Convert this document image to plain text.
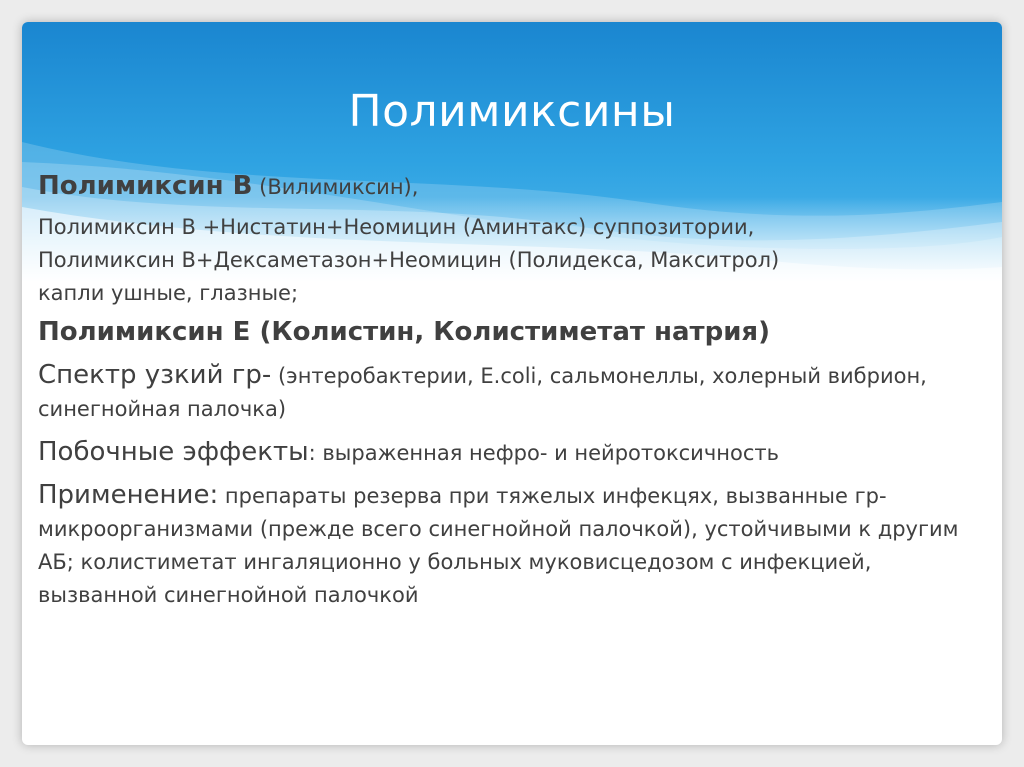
Полимиксины

Полимиксин В (Вилимиксин),

Полимиксин В +Нистатин+Неомицин (Аминтакс) суппозитории,
Полимиксин В+Дексаметазон+Неомицин (Полидекса, Макситрол)
капли ушные, глазные;

Полимиксин Е (Колистин, Колистиметат натрия)

Спектр узкий гр- (энтеробактерии, E.coli, сальмонеллы, холерный вибрион, синегнойная палочка)

Побочные эффекты: выраженная нефро- и нейротоксичность

Применение: препараты резерва при тяжелых инфекцях, вызванные гр- микроорганизмами (прежде всего синегнойной палочкой), устойчивыми к другим АБ; колистиметат ингаляционно у больных муковисцедозом с инфекцией, вызванной синегнойной палочкой
